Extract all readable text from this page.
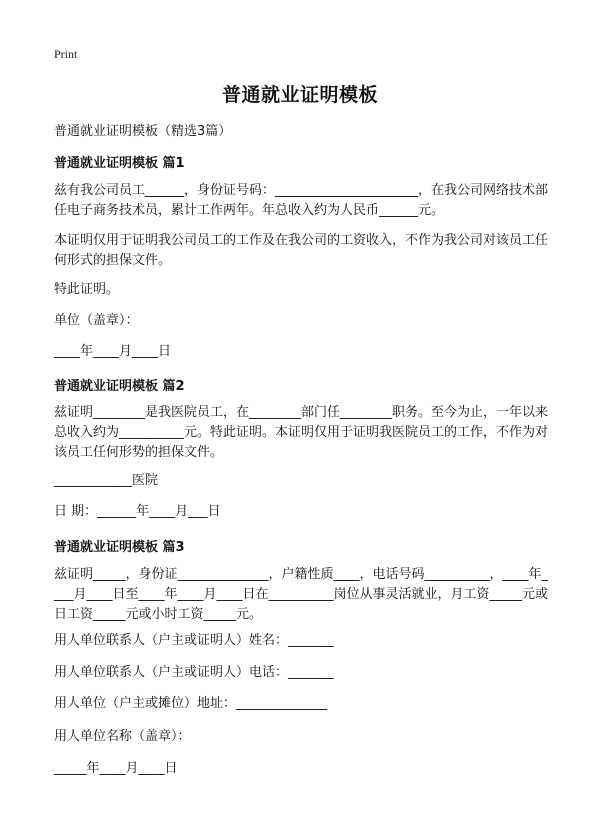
Print
普通就业证明模板
普通就业证明模板（精选3篇）
普通就业证明模板 篇1
兹有我公司员工______，身份证号码：______________________，在我公司网络技术部任电子商务技术员，累计工作两年。年总收入约为人民币______元。
本证明仅用于证明我公司员工的工作及在我公司的工资收入，不作为我公司对该员工任何形式的担保文件。
特此证明。
单位（盖章）：
____年____月____日
普通就业证明模板 篇2
兹证明________是我医院员工，在________部门任________职务。至今为止，一年以来总收入约为__________元。特此证明。本证明仅用于证明我医院员工的工作，不作为对该员工任何形势的担保文件。
____________医院
日 期：______年____月___日
普通就业证明模板 篇3
兹证明_____，身份证______________，户籍性质____，电话号码__________，____年____月____日至____年____月____日在__________岗位从事灵活就业，月工资_____元或日工资_____元或小时工资_____元。
用人单位联系人（户主或证明人）姓名：_______
用人单位联系人（户主或证明人）电话：_______
用人单位（户主或摊位）地址：______________
用人单位名称（盖章）：
_____年____月____日
